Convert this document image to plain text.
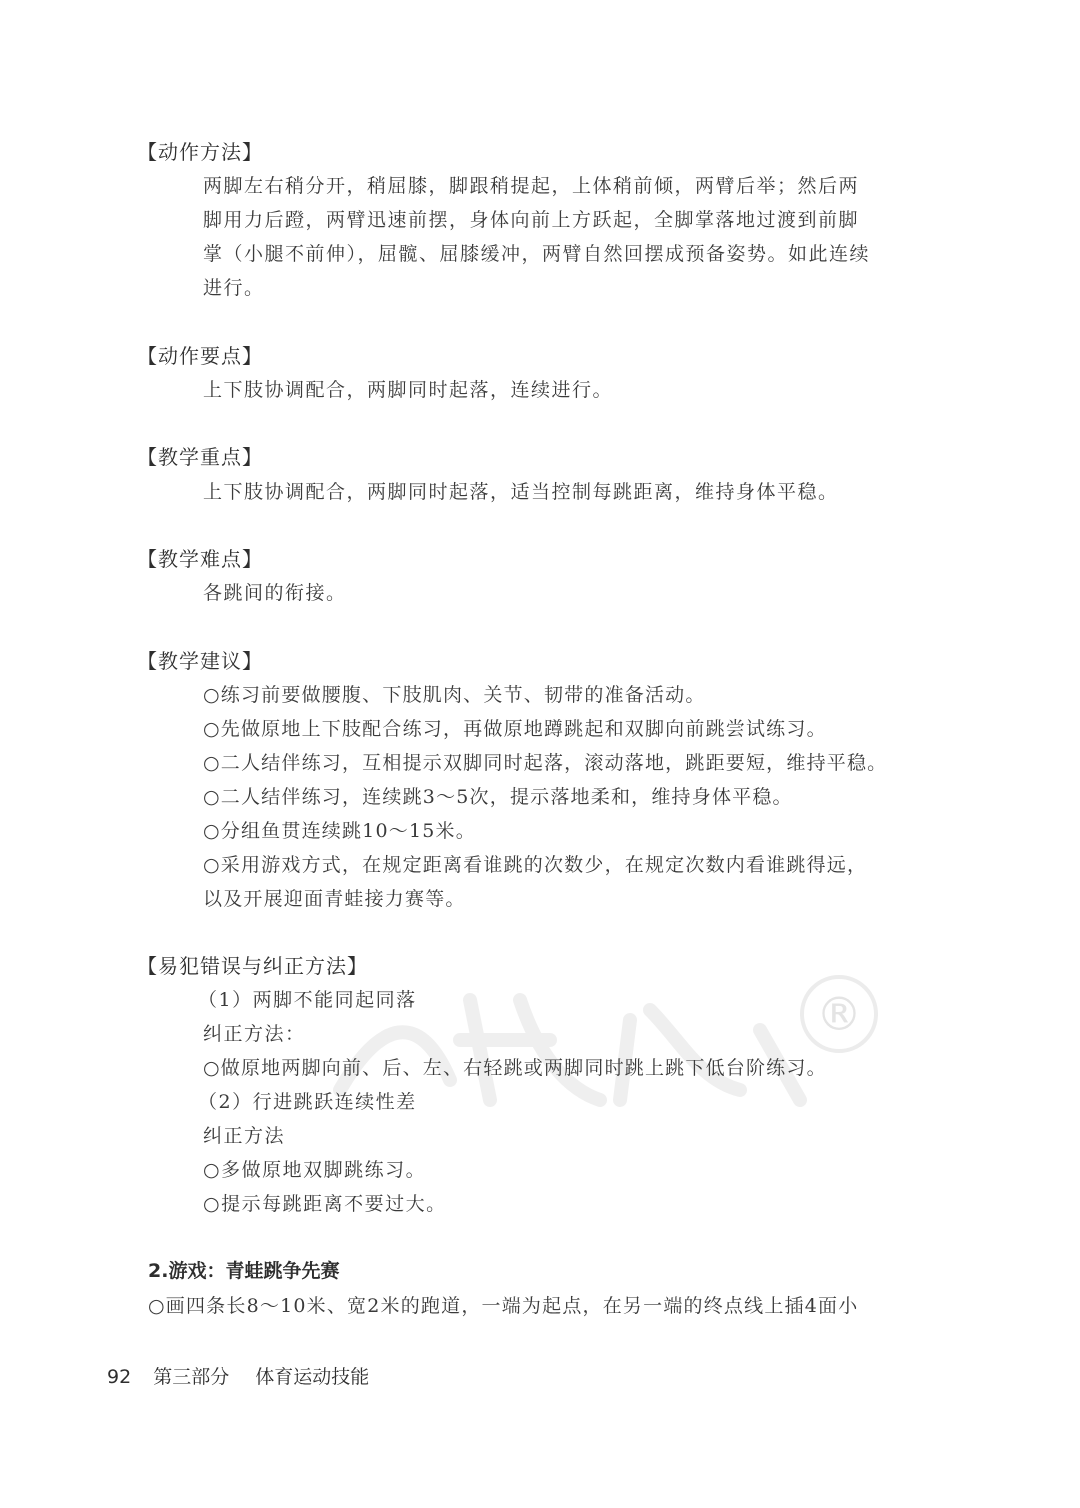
®
【动作方法】
两脚左右稍分开，稍屈膝，脚跟稍提起，上体稍前倾，两臂后举；然后两
脚用力后蹬，两臂迅速前摆，身体向前上方跃起，全脚掌落地过渡到前脚
掌（小腿不前伸），屈髋、屈膝缓冲，两臂自然回摆成预备姿势。如此连续
进行。
【动作要点】
上下肢协调配合，两脚同时起落，连续进行。
【教学重点】
上下肢协调配合，两脚同时起落，适当控制每跳距离，维持身体平稳。
【教学难点】
各跳间的衔接。
【教学建议】
○练习前要做腰腹、下肢肌肉、关节、韧带的准备活动。
○先做原地上下肢配合练习，再做原地蹲跳起和双脚向前跳尝试练习。
○二人结伴练习，互相提示双脚同时起落，滚动落地，跳距要短，维持平稳。
○二人结伴练习，连续跳3～5次，提示落地柔和，维持身体平稳。
○分组鱼贯连续跳10～15米。
○采用游戏方式，在规定距离看谁跳的次数少，在规定次数内看谁跳得远，
以及开展迎面青蛙接力赛等。
【易犯错误与纠正方法】
（1）两脚不能同起同落
纠正方法：
○做原地两脚向前、后、左、右轻跳或两脚同时跳上跳下低台阶练习。
（2）行进跳跃连续性差
纠正方法
○多做原地双脚跳练习。
○提示每跳距离不要过大。
2.游戏：青蛙跳争先赛
○画四条长8～10米、宽2米的跑道，一端为起点，在另一端的终点线上插4面小
92 第三部分 体育运动技能
